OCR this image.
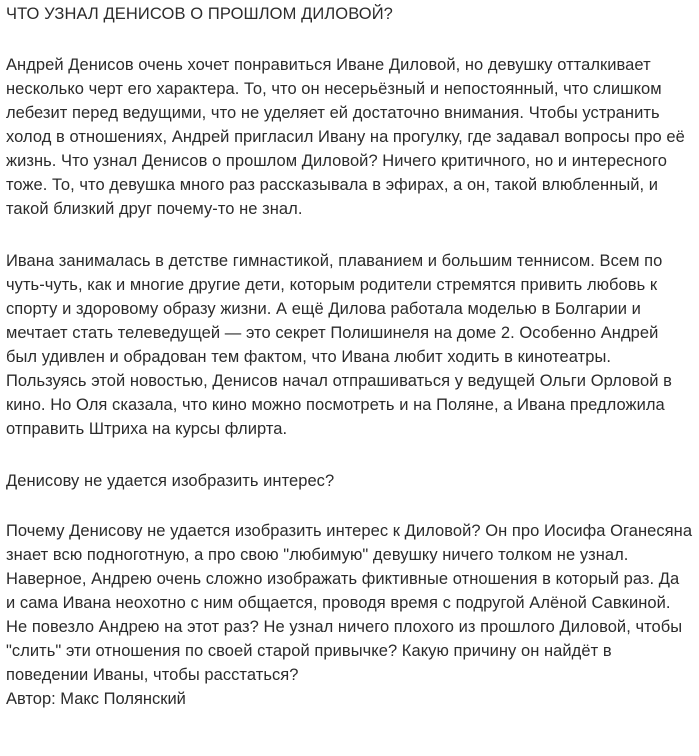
ЧТО УЗНАЛ ДЕНИСОВ О ПРОШЛОМ ДИЛОВОЙ?

Андрей Денисов очень хочет понравиться Иване Диловой, но девушку отталкивает несколько черт его характера. То, что он несерьёзный и непостоянный, что слишком лебезит перед ведущими, что не уделяет ей достаточно внимания. Чтобы устранить холод в отношениях, Андрей пригласил Ивану на прогулку, где задавал вопросы про её жизнь. Что узнал Денисов о прошлом Диловой? Ничего критичного, но и интересного тоже. То, что девушка много раз рассказывала в эфирах, а он, такой влюбленный, и такой близкий друг почему-то не знал.

Ивана занималась в детстве гимнастикой, плаванием и большим теннисом. Всем по чуть-чуть, как и многие другие дети, которым родители стремятся привить любовь к спорту и здоровому образу жизни. А ещё Дилова работала моделью в Болгарии и мечтает стать телеведущей — это секрет Полишинеля на доме 2. Особенно Андрей был удивлен и обрадован тем фактом, что Ивана любит ходить в кинотеатры. Пользуясь этой новостью, Денисов начал отпрашиваться у ведущей Ольги Орловой в кино. Но Оля сказала, что кино можно посмотреть и на Поляне, а Ивана предложила отправить Штриха на курсы флирта.

Денисову не удается изобразить интерес?

Почему Денисову не удается изобразить интерес к Диловой? Он про Иосифа Оганесяна знает всю подноготную, а про свою "любимую" девушку ничего толком не узнал. Наверное, Андрею очень сложно изображать фиктивные отношения в который раз. Да и сама Ивана неохотно с ним общается, проводя время с подругой Алёной Савкиной. Не повезло Андрею на этот раз? Не узнал ничего плохого из прошлого Диловой, чтобы "слить" эти отношения по своей старой привычке? Какую причину он найдёт в поведении Иваны, чтобы расстаться?

Автор: Макс Полянский
